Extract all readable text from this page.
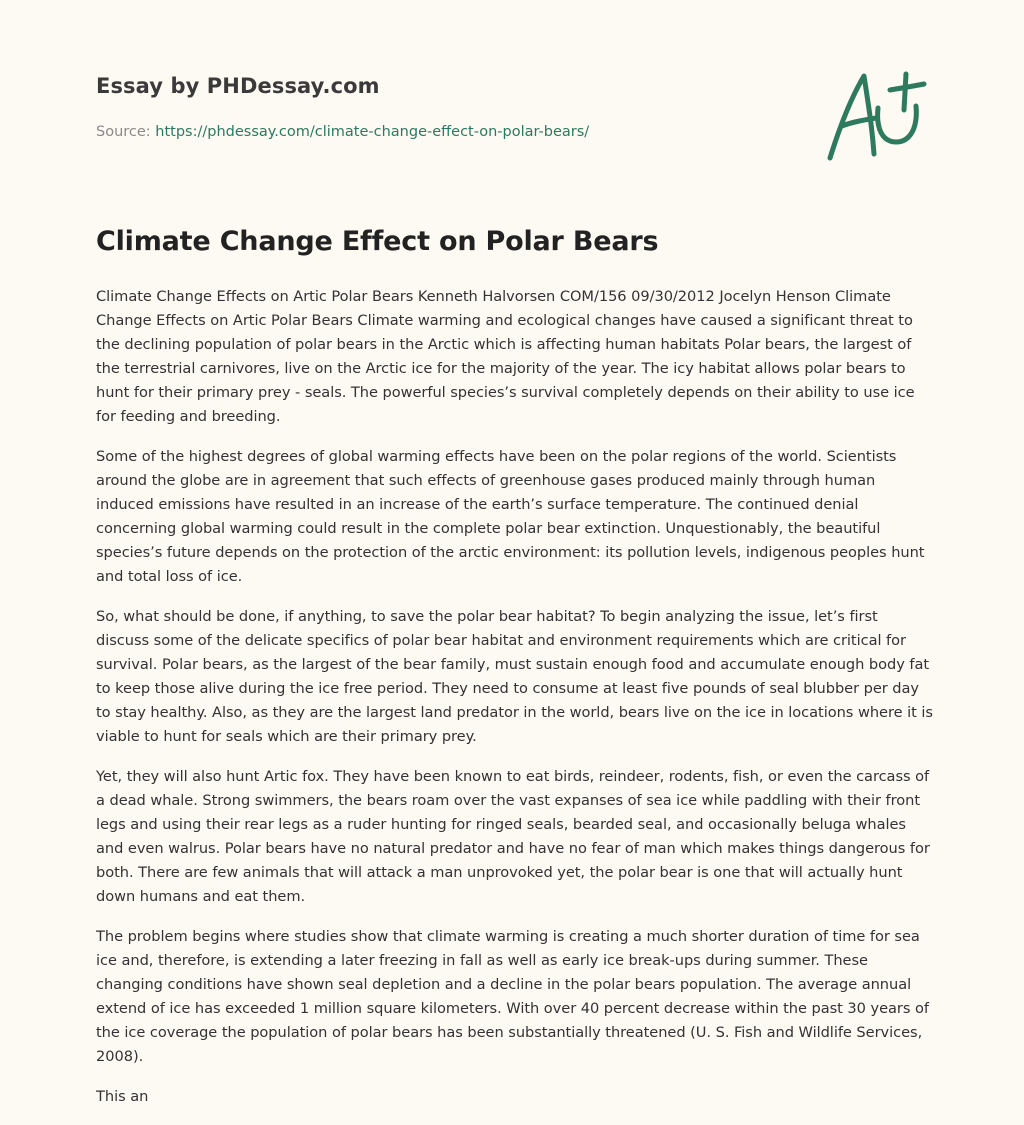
Essay by PHDessay.com
Source: https://phdessay.com/climate-change-effect-on-polar-bears/
Climate Change Effect on Polar Bears

Climate Change Effects on Artic Polar Bears Kenneth Halvorsen COM/156 09/30/2012 Jocelyn Henson Climate Change Effects on Artic Polar Bears Climate warming and ecological changes have caused a significant threat to the declining population of polar bears in the Arctic which is affecting human habitats Polar bears, the largest of the terrestrial carnivores, live on the Arctic ice for the majority of the year. The icy habitat allows polar bears to hunt for their primary prey - seals. The powerful species’s survival completely depends on their ability to use ice for feeding and breeding.

Some of the highest degrees of global warming effects have been on the polar regions of the world. Scientists around the globe are in agreement that such effects of greenhouse gases produced mainly through human induced emissions have resulted in an increase of the earth’s surface temperature. The continued denial concerning global warming could result in the complete polar bear extinction. Unquestionably, the beautiful species’s future depends on the protection of the arctic environment: its pollution levels, indigenous peoples hunt and total loss of ice.

So, what should be done, if anything, to save the polar bear habitat? To begin analyzing the issue, let’s first discuss some of the delicate specifics of polar bear habitat and environment requirements which are critical for survival. Polar bears, as the largest of the bear family, must sustain enough food and accumulate enough body fat to keep those alive during the ice free period. They need to consume at least five pounds of seal blubber per day to stay healthy. Also, as they are the largest land predator in the world, bears live on the ice in locations where it is viable to hunt for seals which are their primary prey.

Yet, they will also hunt Artic fox. They have been known to eat birds, reindeer, rodents, fish, or even the carcass of a dead whale. Strong swimmers, the bears roam over the vast expanses of sea ice while paddling with their front legs and using their rear legs as a ruder hunting for ringed seals, bearded seal, and occasionally beluga whales and even walrus. Polar bears have no natural predator and have no fear of man which makes things dangerous for both. There are few animals that will attack a man unprovoked yet, the polar bear is one that will actually hunt down humans and eat them.

The problem begins where studies show that climate warming is creating a much shorter duration of time for sea ice and, therefore, is extending a later freezing in fall as well as early ice break-ups during summer. These changing conditions have shown seal depletion and a decline in the polar bears population. The average annual extend of ice has exceeded 1 million square kilometers. With over 40 percent decrease within the past 30 years of the ice coverage the population of polar bears has been substantially threatened (U. S. Fish and Wildlife Services, 2008).

This an
